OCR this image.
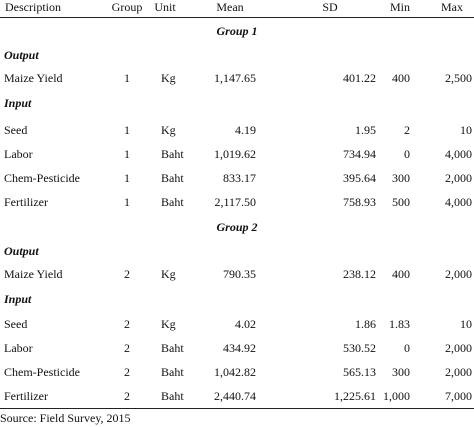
Description	Group	Unit	Mean	SD	Min	Max
Group 1
Output
Maize Yield	1	Kg	1,147.65	401.22	400	2,500
Input
Seed	1	Kg	4.19	1.95	2	10
Labor	1	Baht	1,019.62	734.94	0	4,000
Chem-Pesticide	1	Baht	833.17	395.64	300	2,000
Fertilizer	1	Baht	2,117.50	758.93	500	4,000
Group 2
Output
Maize Yield	2	Kg	790.35	238.12	400	2,000
Input
Seed	2	Kg	4.02	1.86	1.83	10
Labor	2	Baht	434.92	530.52	0	2,000
Chem-Pesticide	2	Baht	1,042.82	565.13	300	2,000
Fertilizer	2	Baht	2,440.74	1,225.61 1,000	7,000
Source: Field Survey, 2015
